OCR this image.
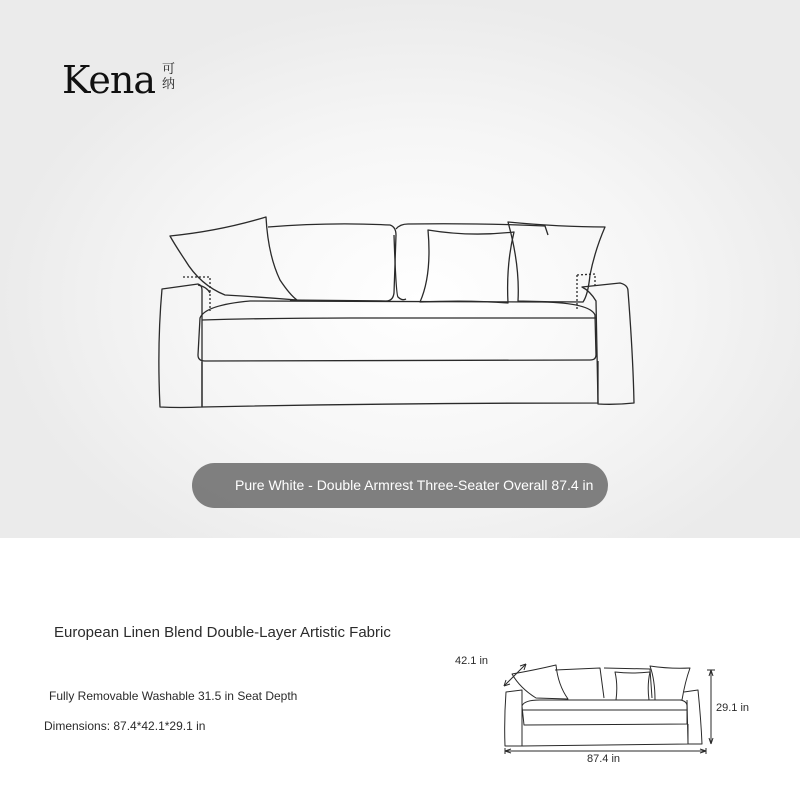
Kena 可纳
Pure White - Double Armrest Three-Seater Overall 87.4 in
European Linen Blend Double-Layer Artistic Fabric
Fully Removable Washable 31.5 in Seat Depth
Dimensions: 87.4*42.1*29.1 in
42.1 in
29.1 in
87.4 in
